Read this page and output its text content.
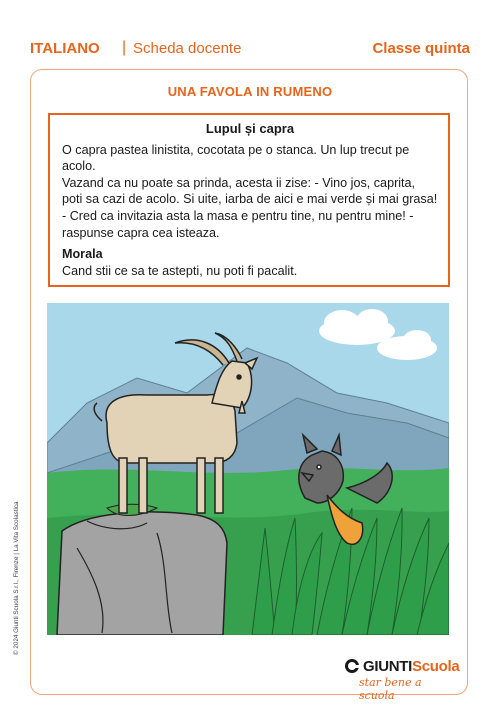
ITALIANO | Scheda docente	Classe quinta
UNA FAVOLA IN RUMENO
Lupul și capra

O capra pastea linistita, cocotata pe o stanca. Un lup trecut pe acolo.

Vazand ca nu poate sa prinda, acesta ii zise: - Vino jos, caprita, poti sa cazi de acolo. Si uite, iarba de aici e mai verde și mai grasa! - Cred ca invitazia asta la masa e pentru tine, nu pentru mine! - raspunse capra cea isteaza.

Morala

Cand stii ce sa te astepti, nu poti fi pacalit.

© 2024 Giunti Scuola S.r.l., Firenze | La Vita Scolastica
GIUNTIScuola
star bene a scuola
